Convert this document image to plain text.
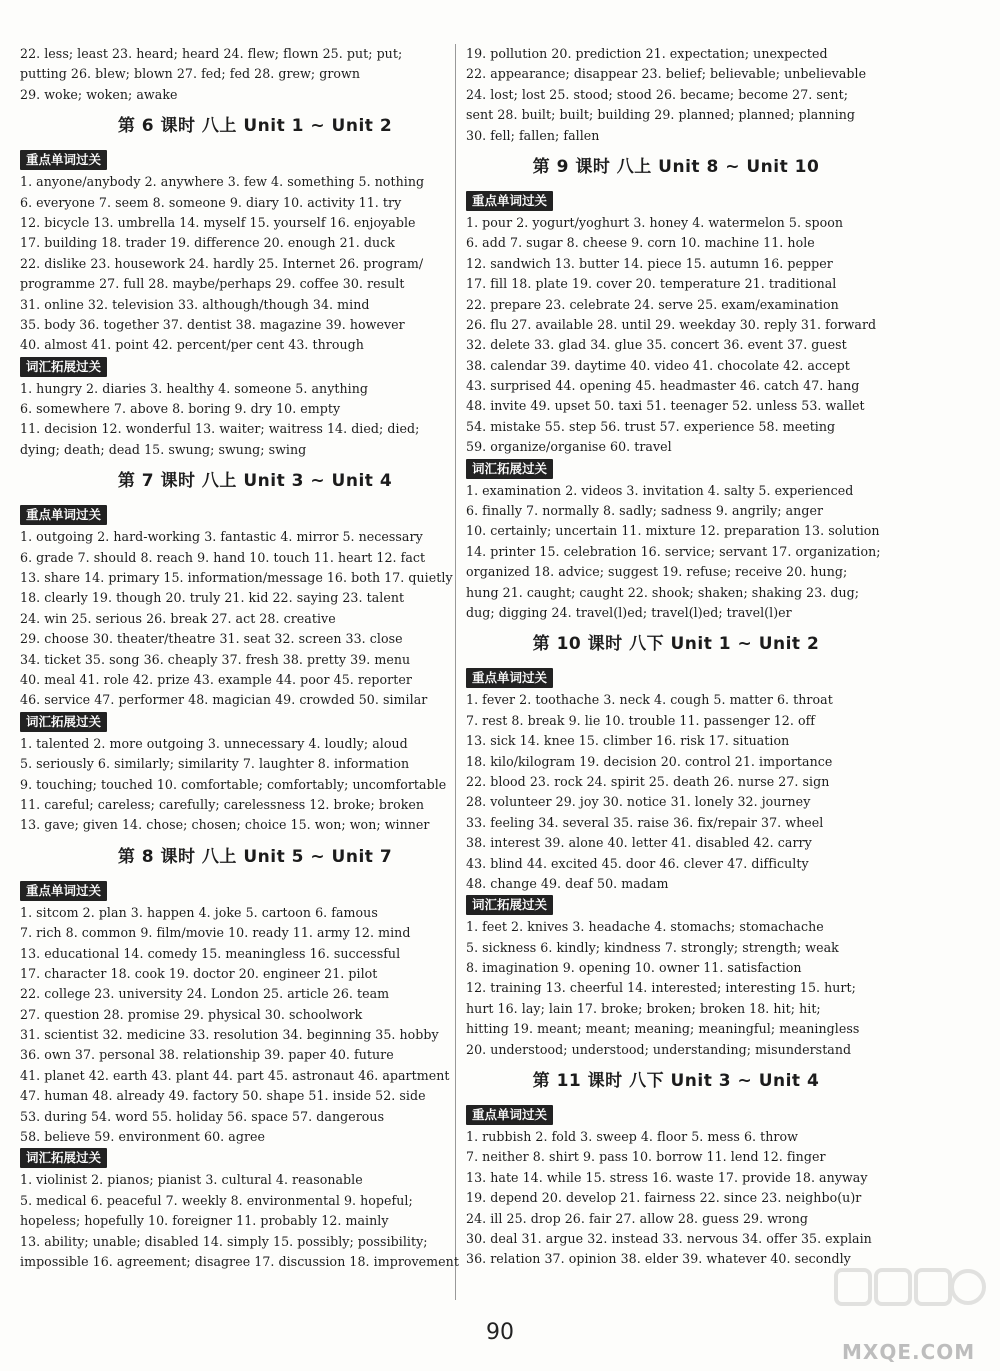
22. less; least 23. heard; heard 24. flew; flown 25. put; put;
putting 26. blew; blown 27. fed; fed 28. grew; grown
29. woke; woken; awake
第 6 课时 八上 Unit 1 ~ Unit 2
重点单词过关
1. anyone/anybody 2. anywhere 3. few 4. something 5. nothing
6. everyone 7. seem 8. someone 9. diary 10. activity 11. try
12. bicycle 13. umbrella 14. myself 15. yourself 16. enjoyable
17. building 18. trader 19. difference 20. enough 21. duck
22. dislike 23. housework 24. hardly 25. Internet 26. program/
programme 27. full 28. maybe/perhaps 29. coffee 30. result
31. online 32. television 33. although/though 34. mind
35. body 36. together 37. dentist 38. magazine 39. however
40. almost 41. point 42. percent/per cent 43. through
词汇拓展过关
1. hungry 2. diaries 3. healthy 4. someone 5. anything
6. somewhere 7. above 8. boring 9. dry 10. empty
11. decision 12. wonderful 13. waiter; waitress 14. died; died;
dying; death; dead 15. swung; swung; swing
第 7 课时 八上 Unit 3 ~ Unit 4
重点单词过关
1. outgoing 2. hard-working 3. fantastic 4. mirror 5. necessary
6. grade 7. should 8. reach 9. hand 10. touch 11. heart 12. fact
13. share 14. primary 15. information/message 16. both 17. quietly
18. clearly 19. though 20. truly 21. kid 22. saying 23. talent
24. win 25. serious 26. break 27. act 28. creative
29. choose 30. theater/theatre 31. seat 32. screen 33. close
34. ticket 35. song 36. cheaply 37. fresh 38. pretty 39. menu
40. meal 41. role 42. prize 43. example 44. poor 45. reporter
46. service 47. performer 48. magician 49. crowded 50. similar
词汇拓展过关
1. talented 2. more outgoing 3. unnecessary 4. loudly; aloud
5. seriously 6. similarly; similarity 7. laughter 8. information
9. touching; touched 10. comfortable; comfortably; uncomfortable
11. careful; careless; carefully; carelessness 12. broke; broken
13. gave; given 14. chose; chosen; choice 15. won; won; winner
第 8 课时 八上 Unit 5 ~ Unit 7
重点单词过关
1. sitcom 2. plan 3. happen 4. joke 5. cartoon 6. famous
7. rich 8. common 9. film/movie 10. ready 11. army 12. mind
13. educational 14. comedy 15. meaningless 16. successful
17. character 18. cook 19. doctor 20. engineer 21. pilot
22. college 23. university 24. London 25. article 26. team
27. question 28. promise 29. physical 30. schoolwork
31. scientist 32. medicine 33. resolution 34. beginning 35. hobby
36. own 37. personal 38. relationship 39. paper 40. future
41. planet 42. earth 43. plant 44. part 45. astronaut 46. apartment
47. human 48. already 49. factory 50. shape 51. inside 52. side
53. during 54. word 55. holiday 56. space 57. dangerous
58. believe 59. environment 60. agree
词汇拓展过关
1. violinist 2. pianos; pianist 3. cultural 4. reasonable
5. medical 6. peaceful 7. weekly 8. environmental 9. hopeful;
hopeless; hopefully 10. foreigner 11. probably 12. mainly
13. ability; unable; disabled 14. simply 15. possibly; possibility;
impossible 16. agreement; disagree 17. discussion 18. improvement
19. pollution 20. prediction 21. expectation; unexpected
22. appearance; disappear 23. belief; believable; unbelievable
24. lost; lost 25. stood; stood 26. became; become 27. sent;
sent 28. built; built; building 29. planned; planned; planning
30. fell; fallen; fallen
第 9 课时 八上 Unit 8 ~ Unit 10
重点单词过关
1. pour 2. yogurt/yoghurt 3. honey 4. watermelon 5. spoon
6. add 7. sugar 8. cheese 9. corn 10. machine 11. hole
12. sandwich 13. butter 14. piece 15. autumn 16. pepper
17. fill 18. plate 19. cover 20. temperature 21. traditional
22. prepare 23. celebrate 24. serve 25. exam/examination
26. flu 27. available 28. until 29. weekday 30. reply 31. forward
32. delete 33. glad 34. glue 35. concert 36. event 37. guest
38. calendar 39. daytime 40. video 41. chocolate 42. accept
43. surprised 44. opening 45. headmaster 46. catch 47. hang
48. invite 49. upset 50. taxi 51. teenager 52. unless 53. wallet
54. mistake 55. step 56. trust 57. experience 58. meeting
59. organize/organise 60. travel
词汇拓展过关
1. examination 2. videos 3. invitation 4. salty 5. experienced
6. finally 7. normally 8. sadly; sadness 9. angrily; anger
10. certainly; uncertain 11. mixture 12. preparation 13. solution
14. printer 15. celebration 16. service; servant 17. organization;
organized 18. advice; suggest 19. refuse; receive 20. hung;
hung 21. caught; caught 22. shook; shaken; shaking 23. dug;
dug; digging 24. travel(l)ed; travel(l)ed; travel(l)er
第 10 课时 八下 Unit 1 ~ Unit 2
重点单词过关
1. fever 2. toothache 3. neck 4. cough 5. matter 6. throat
7. rest 8. break 9. lie 10. trouble 11. passenger 12. off
13. sick 14. knee 15. climber 16. risk 17. situation
18. kilo/kilogram 19. decision 20. control 21. importance
22. blood 23. rock 24. spirit 25. death 26. nurse 27. sign
28. volunteer 29. joy 30. notice 31. lonely 32. journey
33. feeling 34. several 35. raise 36. fix/repair 37. wheel
38. interest 39. alone 40. letter 41. disabled 42. carry
43. blind 44. excited 45. door 46. clever 47. difficulty
48. change 49. deaf 50. madam
词汇拓展过关
1. feet 2. knives 3. headache 4. stomachs; stomachache
5. sickness 6. kindly; kindness 7. strongly; strength; weak
8. imagination 9. opening 10. owner 11. satisfaction
12. training 13. cheerful 14. interested; interesting 15. hurt;
hurt 16. lay; lain 17. broke; broken; broken 18. hit; hit;
hitting 19. meant; meant; meaning; meaningful; meaningless
20. understood; understood; understanding; misunderstand
第 11 课时 八下 Unit 3 ~ Unit 4
重点单词过关
1. rubbish 2. fold 3. sweep 4. floor 5. mess 6. throw
7. neither 8. shirt 9. pass 10. borrow 11. lend 12. finger
13. hate 14. while 15. stress 16. waste 17. provide 18. anyway
19. depend 20. develop 21. fairness 22. since 23. neighbo(u)r
24. ill 25. drop 26. fair 27. allow 28. guess 29. wrong
30. deal 31. argue 32. instead 33. nervous 34. offer 35. explain
36. relation 37. opinion 38. elder 39. whatever 40. secondly
90
MXQE.COM
